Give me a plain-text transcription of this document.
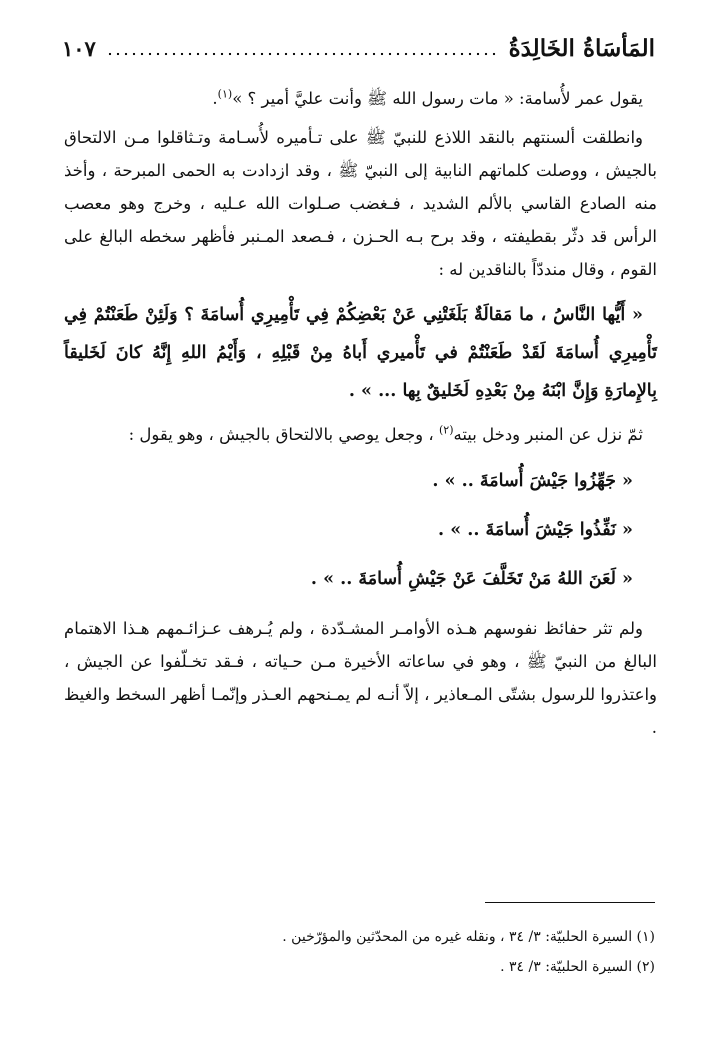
١٠٧	المَأسَاةُ الخَالِدَةُ

يقول عمر لأُسامة: « مات رسول الله ﷺ وأنت عليَّ أمير ؟ »$^{(١)}$.

وانطلقت ألسنتهم بالنقد اللاذع للنبيّ ﷺ على تـأميره لأُسـامة وتـثاقلوا مـن الالتحاق بالجيش ، ووصلت كلماتهم النابية إلى النبيّ ﷺ ، وقد ازدادت به الحمى المبرحة ، وأخذ منه الصادع القاسي بالألم الشديد ، فـغضب صـلوات الله عـليه ، وخرج وهو معصب الرأس قد دثّر بقطيفته ، وقد برح بـه الحـزن ، فـصعد المـنبر فأظهر سخطه البالغ على القوم ، وقال منددّاً بالناقدين له :

« أَيُّها النَّاسُ ، ما مَقالَةٌ بَلَغَتْنِي عَنْ بَعْضِكُمْ فِي تَأْمِيرِي أُسامَةَ ؟ وَلَئِنْ طَعَنْتُمْ فِي تَأْمِيرِي أُسامَةَ لَقَدْ طَعَنْتُمْ في تَأْميري أَباهُ مِنْ قَبْلِهِ ، وَأَيْمُ اللهِ إِنَّهُ كانَ لَخَليقاً بِالإِمارَةِ وَإِنَّ ابْنَهُ مِنْ بَعْدِهِ لَخَليقٌ بِها ... » .

ثمّ نزل عن المنبر ودخل بيته$^{(٢)}$ ، وجعل يوصي بالالتحاق بالجيش ، وهو يقول :

« جَهِّزُوا جَيْشَ أُسامَةَ .. » .

« نَفِّذُوا جَيْشَ أُسامَةَ .. » .

« لَعَنَ اللهُ مَنْ تَخَلَّفَ عَنْ جَيْشِ أُسامَةَ .. » .

ولم تثر حفائظ نفوسهم هـذه الأوامـر المشـدّدة ، ولم يُـرهف عـزائـمهم هـذا الاهتمام البالغ من النبيّ ﷺ ، وهو في ساعاته الأخيرة مـن حـياته ، فـقد تخـلّفوا عن الجيش ، واعتذروا للرسول بشتّى المـعاذير ، إلاّ أنـه لم يمـنحهم العـذر وإنّمـا أظهر السخط والغيظ .

(١) السيرة الحلبيّة: ٣/ ٣٤ ، ونقله غيره من المحدّثين والمؤرّخين .
(٢) السيرة الحلبيّة: ٣/ ٣٤ .
